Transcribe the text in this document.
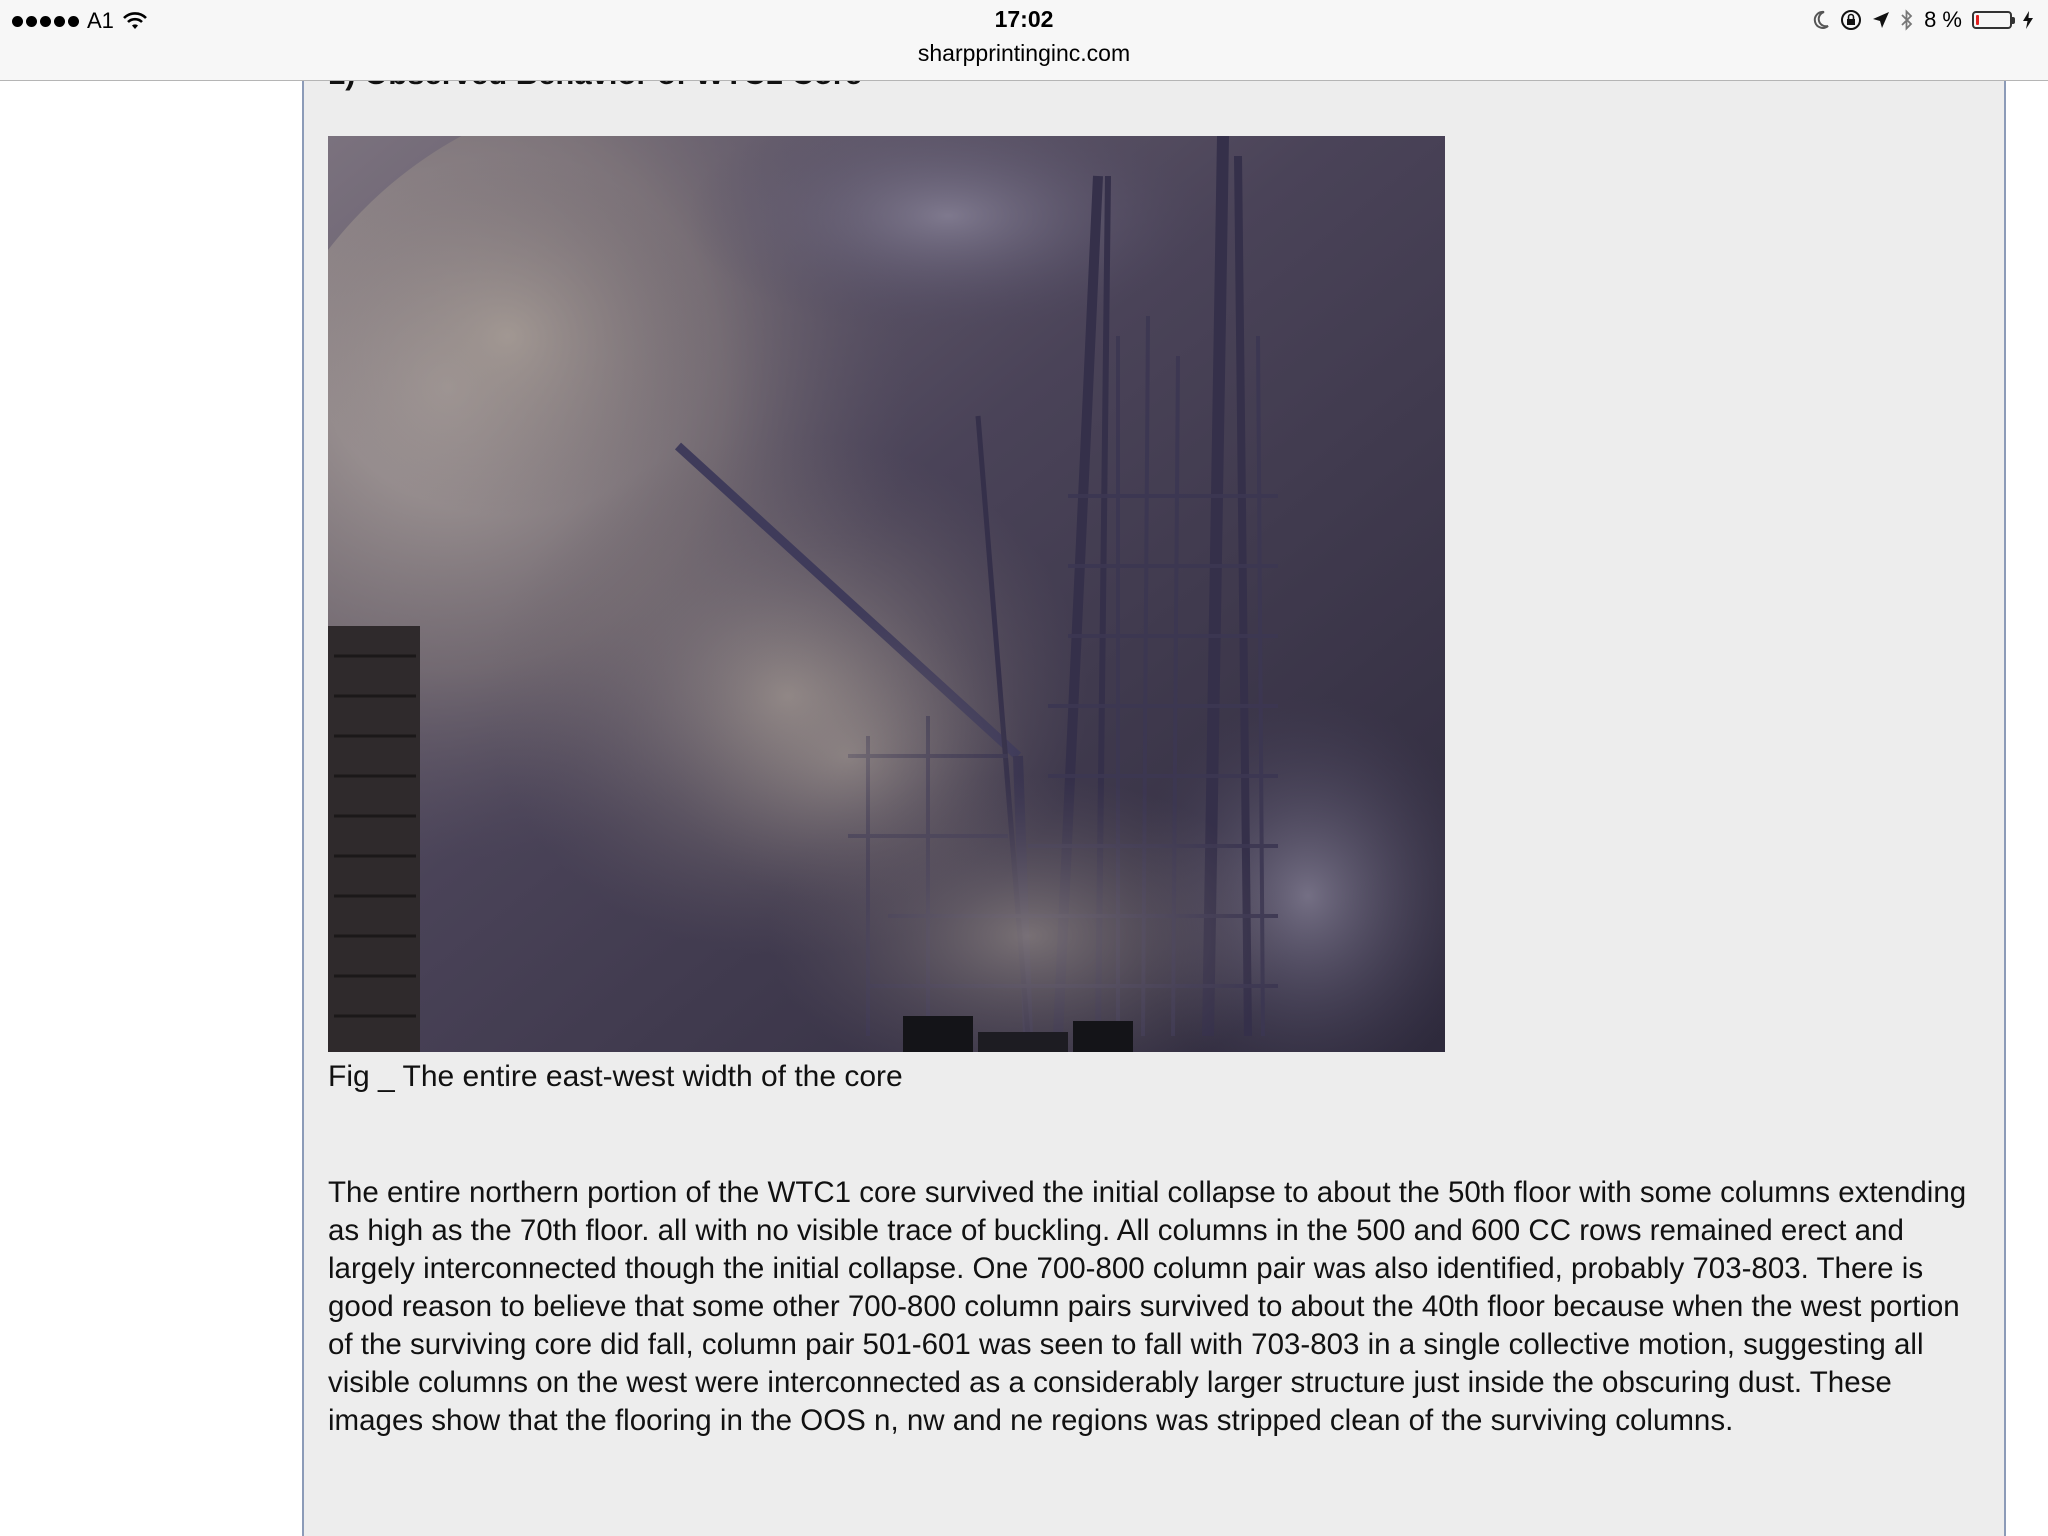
A1	17:02
sharpprintinginc.com
8 %
Fig _ The entire east-west width of the core

The entire northern portion of the WTC1 core survived the initial collapse to about the 50th floor with some columns extending as high as the 70th floor. all with no visible trace of buckling. All columns in the 500 and 600 CC rows remained erect and largely interconnected though the initial collapse. One 700-800 column pair was also identified, probably 703-803. There is good reason to believe that some other 700-800 column pairs survived to about the 40th floor because when the west portion of the surviving core did fall, column pair 501-601 was seen to fall with 703-803 in a single collective motion, suggesting all visible columns on the west were interconnected as a considerably larger structure just inside the obscuring dust. These images show that the flooring in the OOS n, nw and ne regions was stripped clean of the surviving columns.
